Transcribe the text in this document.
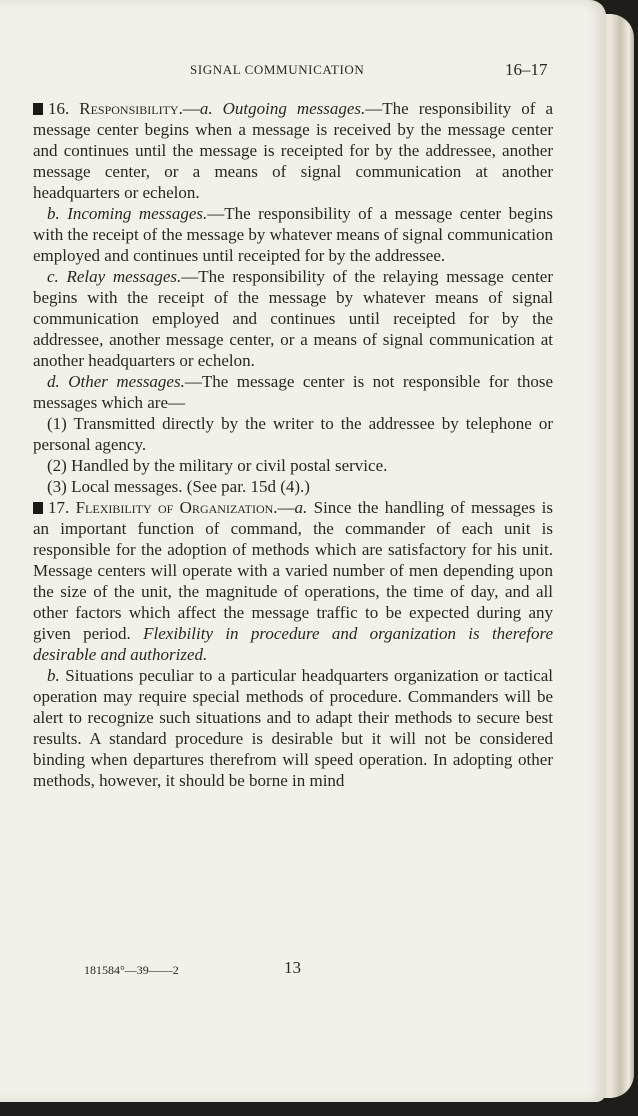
SIGNAL COMMUNICATION	16–17

16. Responsibility.—a. Outgoing messages.—The responsibility of a message center begins when a message is received by the message center and continues until the message is receipted for by the addressee, another message center, or a means of signal communication at another headquarters or echelon.

b. Incoming messages.—The responsibility of a message center begins with the receipt of the message by whatever means of signal communication employed and continues until receipted for by the addressee.

c. Relay messages.—The responsibility of the relaying message center begins with the receipt of the message by whatever means of signal communication employed and continues until receipted for by the addressee, another message center, or a means of signal communication at another headquarters or echelon.

d. Other messages.—The message center is not responsible for those messages which are—

(1) Transmitted directly by the writer to the addressee by telephone or personal agency.

(2) Handled by the military or civil postal service.

(3) Local messages. (See par. 15d (4).)

17. Flexibility of Organization.—a. Since the handling of messages is an important function of command, the commander of each unit is responsible for the adoption of methods which are satisfactory for his unit. Message centers will operate with a varied number of men depending upon the size of the unit, the magnitude of operations, the time of day, and all other factors which affect the message traffic to be expected during any given period. Flexibility in procedure and organization is therefore desirable and authorized.

b. Situations peculiar to a particular headquarters organization or tactical operation may require special methods of procedure. Commanders will be alert to recognize such situations and to adapt their methods to secure best results. A standard procedure is desirable but it will not be considered binding when departures therefrom will speed operation. In adopting other methods, however, it should be borne in mind

181584°—39——2	13
